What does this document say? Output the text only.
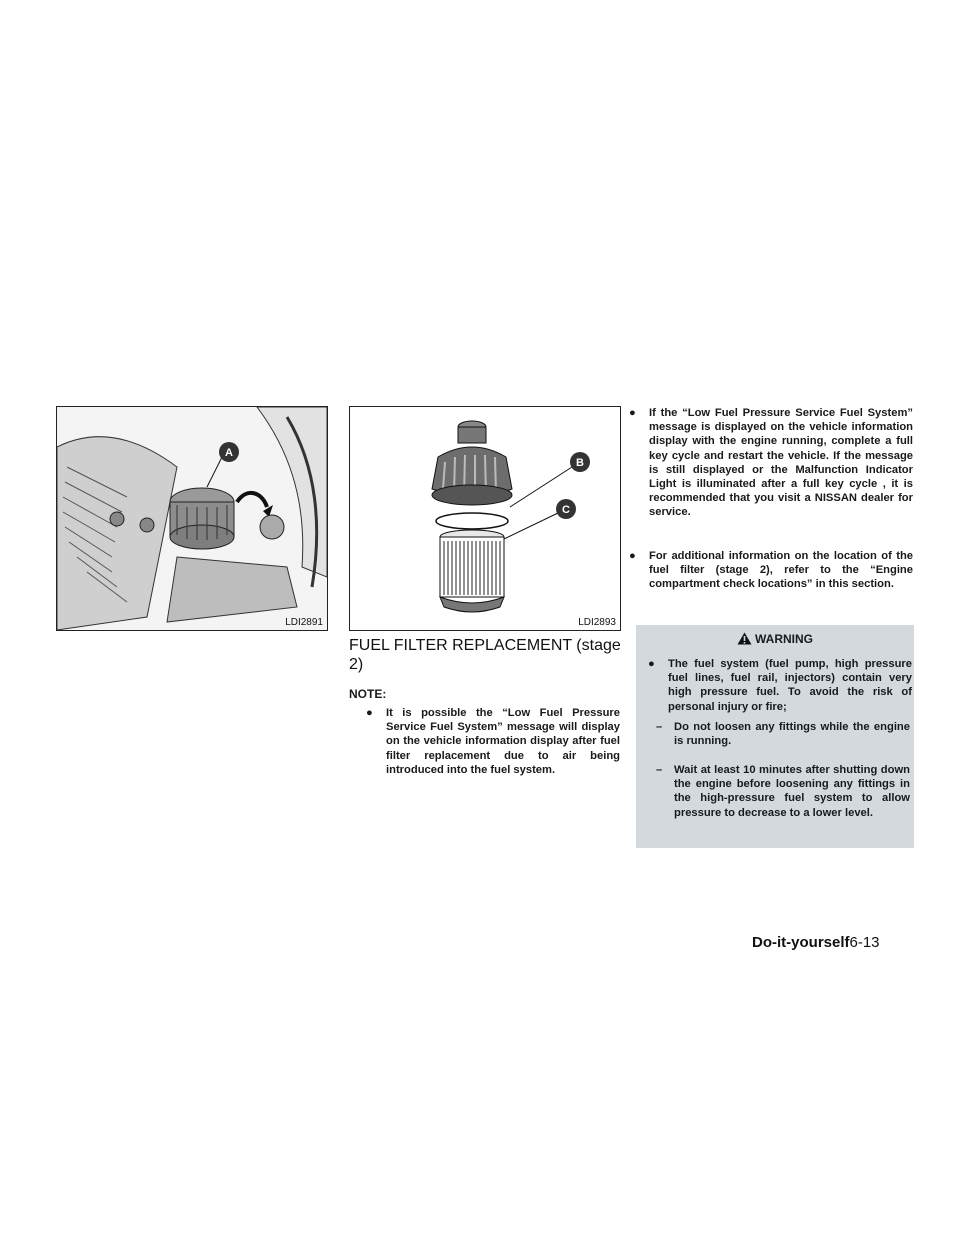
A
LDI2891
B
C
LDI2893
FUEL FILTER REPLACEMENT (stage 2)
NOTE:
● It is possible the “Low Fuel Pressure Service Fuel System” message will display on the vehicle information display after fuel filter replacement due to air being introduced into the fuel system.
● If the “Low Fuel Pressure Service Fuel System” message is displayed on the vehicle information display with the engine running, complete a full key cycle and restart the vehicle. If the message is still displayed or the Malfunction Indicator Light is illuminated after a full key cycle , it is recommended that you visit a NISSAN dealer for service.
● For additional information on the location of the fuel filter (stage 2), refer to the “Engine compartment check locations” in this section.
WARNING
● The fuel system (fuel pump, high pressure fuel lines, fuel rail, injectors) contain very high pressure fuel. To avoid the risk of personal injury or fire;
– Do not loosen any fittings while the engine is running.
– Wait at least 10 minutes after shutting down the engine before loosening any fittings in the high-pressure fuel system to allow pressure to decrease to a lower level.
Do-it-yourself6-13
